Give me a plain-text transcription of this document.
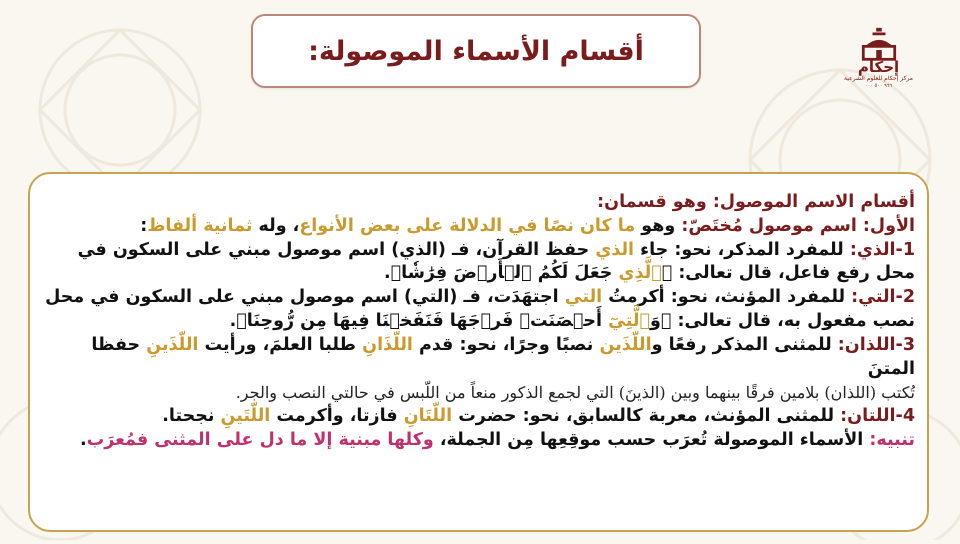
أقسام الأسماء الموصولة:
إحكام
مركز إحكام للعلوم الشرعية
٩٦٦ ٥٠٠ ٠٠٠

أقسام الاسم الموصول: وهو قسمان:

الأول: اسم موصول مُختَصّ: وهو ما كان نصًا في الدلالة على بعض الأنواع، وله ثمانية ألفاظ:

1-الذي: للمفرد المذكر، نحو: جاء الذي حفظ القرآن، فـ (الذي) اسم موصول مبني على السكون في

محل رفع فاعل، قال تعالى: ﴿ٱلَّذِي جَعَلَ لَكُمُ ٱلۡأَرۡضَ فِرَٰشٗا﴾.

2-التي: للمفرد المؤنث، نحو: أكرمتُ التي اجتهَدَت، فـ (التي) اسم موصول مبني على السكون في محل

نصب مفعول به، قال تعالى: ﴿وَٱلَّتِيٓ أَحۡصَنَتۡ فَرۡجَهَا فَنَفَخۡنَا فِيهَا مِن رُّوحِنَا﴾.

3-اللذان: للمثنى المذكر رفعًا واللّذَين نصبًا وجرًا، نحو: قدم اللّذَانِ طلبا العلمَ، ورأيت اللّذَينِ حفظا المتنَ

تُكتب (اللذان) بلامين فرقًا بينهما وبين (الذينَ) التي لجمع الذكور منعاً من اللّبس في حالتي النصب والجر.

4-اللتان: للمثنى المؤنث، معربة كالسابق، نحو: حضرت اللّتَانِ فازتا، وأكرمت اللّتَينِ نجحتا.

تنبيه: الأسماء الموصولة تُعرَب حسب موقِعِها مِن الجملة، وكلها مبنية إلا ما دل على المثنى فمُعرَب.
